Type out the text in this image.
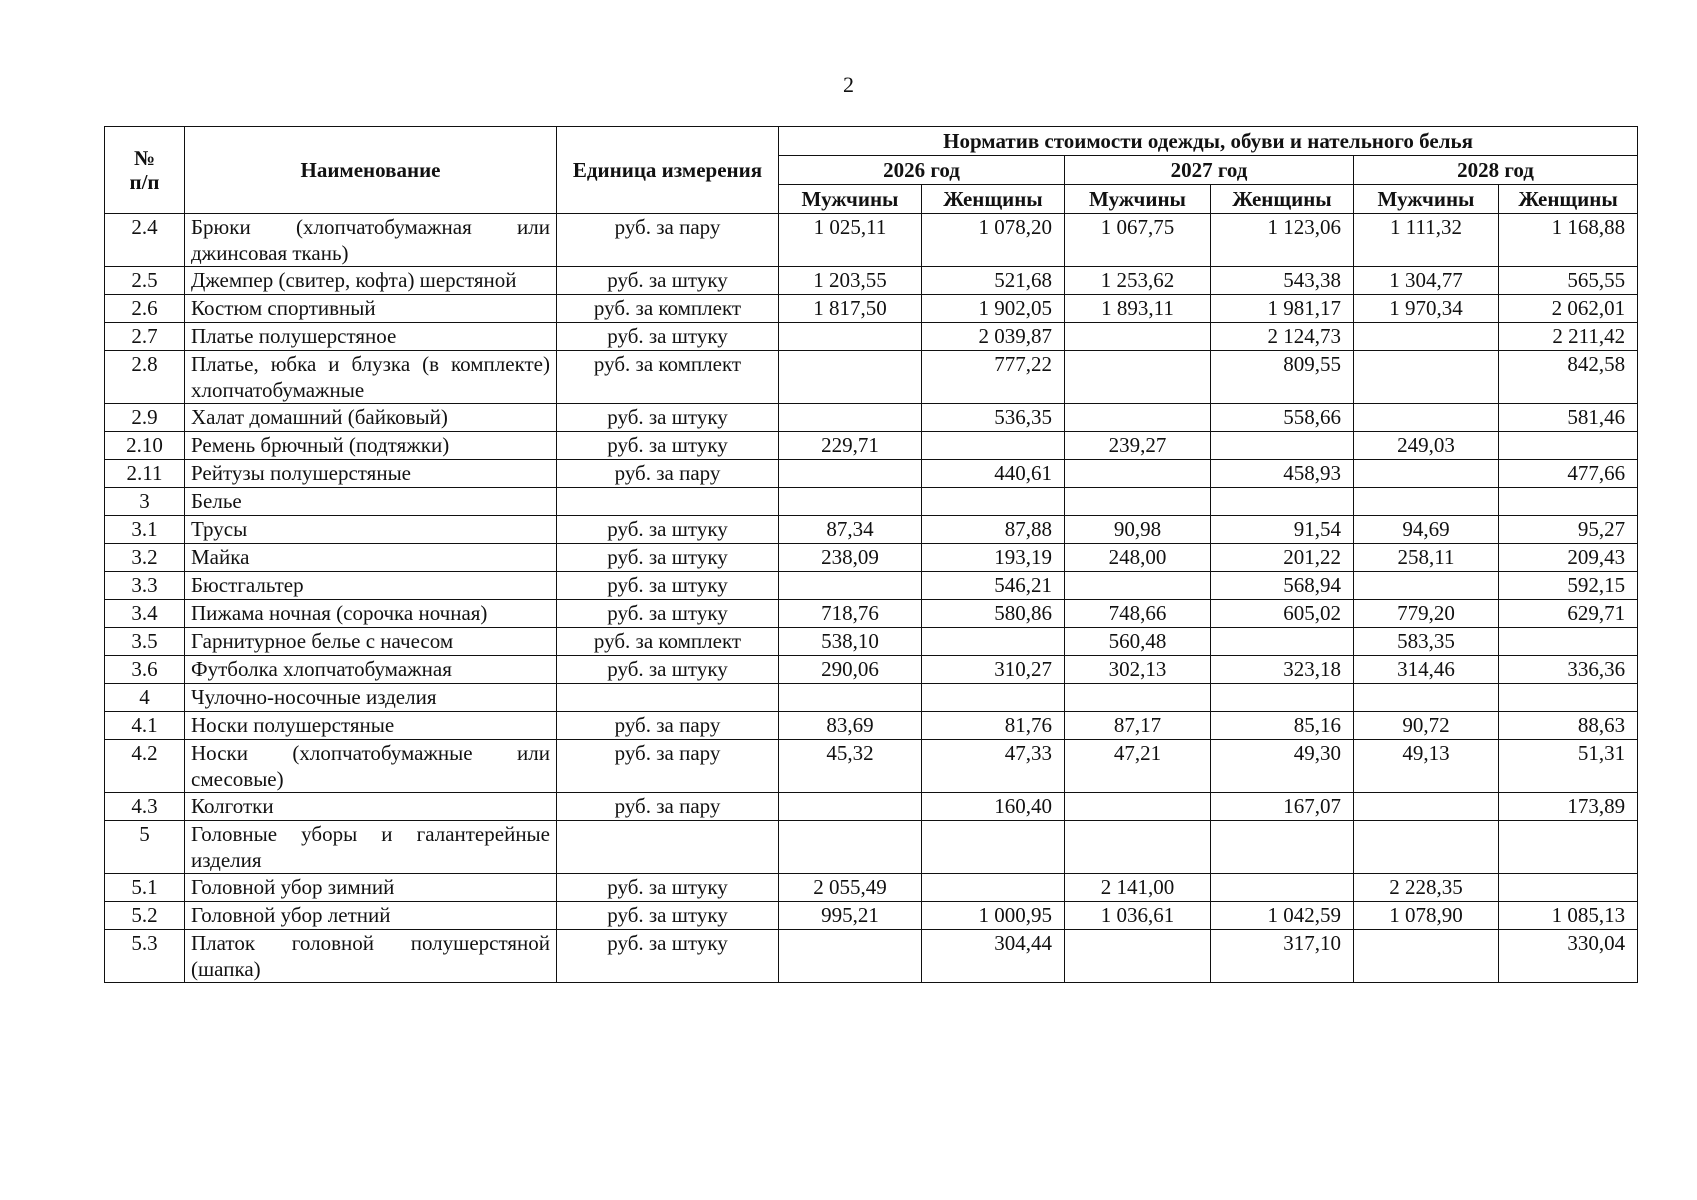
2
№
п/п	Наименование	Единица измерения	Норматив стоимости одежды, обуви и нательного белья					
			2026 год		2027 год		2028 год	
			Мужчины	Женщины	Мужчины	Женщины	Мужчины	Женщины
2.4	Брюки (хлопчатобумажная или джинсовая ткань)	руб. за пару	1 025,11	1 078,20	1 067,75	1 123,06	1 111,32	1 168,88
2.5	Джемпер (свитер, кофта) шерстяной	руб. за штуку	1 203,55	521,68	1 253,62	543,38	1 304,77	565,55
2.6	Костюм спортивный	руб. за комплект	1 817,50	1 902,05	1 893,11	1 981,17	1 970,34	2 062,01
2.7	Платье полушерстяное	руб. за штуку		2 039,87		2 124,73		2 211,42
2.8	Платье, юбка и блузка (в комплекте) хлопчатобумажные	руб. за комплект		777,22		809,55		842,58
2.9	Халат домашний (байковый)	руб. за штуку		536,35		558,66		581,46
2.10	Ремень брючный (подтяжки)	руб. за штуку	229,71		239,27		249,03	
2.11	Рейтузы полушерстяные	руб. за пару		440,61		458,93		477,66
3	Белье							
3.1	Трусы	руб. за штуку	87,34	87,88	90,98	91,54	94,69	95,27
3.2	Майка	руб. за штуку	238,09	193,19	248,00	201,22	258,11	209,43
3.3	Бюстгальтер	руб. за штуку		546,21		568,94		592,15
3.4	Пижама ночная (сорочка ночная)	руб. за штуку	718,76	580,86	748,66	605,02	779,20	629,71
3.5	Гарнитурное белье с начесом	руб. за комплект	538,10		560,48		583,35	
3.6	Футболка хлопчатобумажная	руб. за штуку	290,06	310,27	302,13	323,18	314,46	336,36
4	Чулочно-носочные изделия							
4.1	Носки полушерстяные	руб. за пару	83,69	81,76	87,17	85,16	90,72	88,63
4.2	Носки (хлопчатобумажные или смесовые)	руб. за пару	45,32	47,33	47,21	49,30	49,13	51,31
4.3	Колготки	руб. за пару		160,40		167,07		173,89
5	Головные уборы и галантерейные изделия							
5.1	Головной убор зимний	руб. за штуку	2 055,49		2 141,00		2 228,35	
5.2	Головной убор летний	руб. за штуку	995,21	1 000,95	1 036,61	1 042,59	1 078,90	1 085,13
5.3	Платок головной полушерстяной (шапка)	руб. за штуку		304,44		317,10		330,04
